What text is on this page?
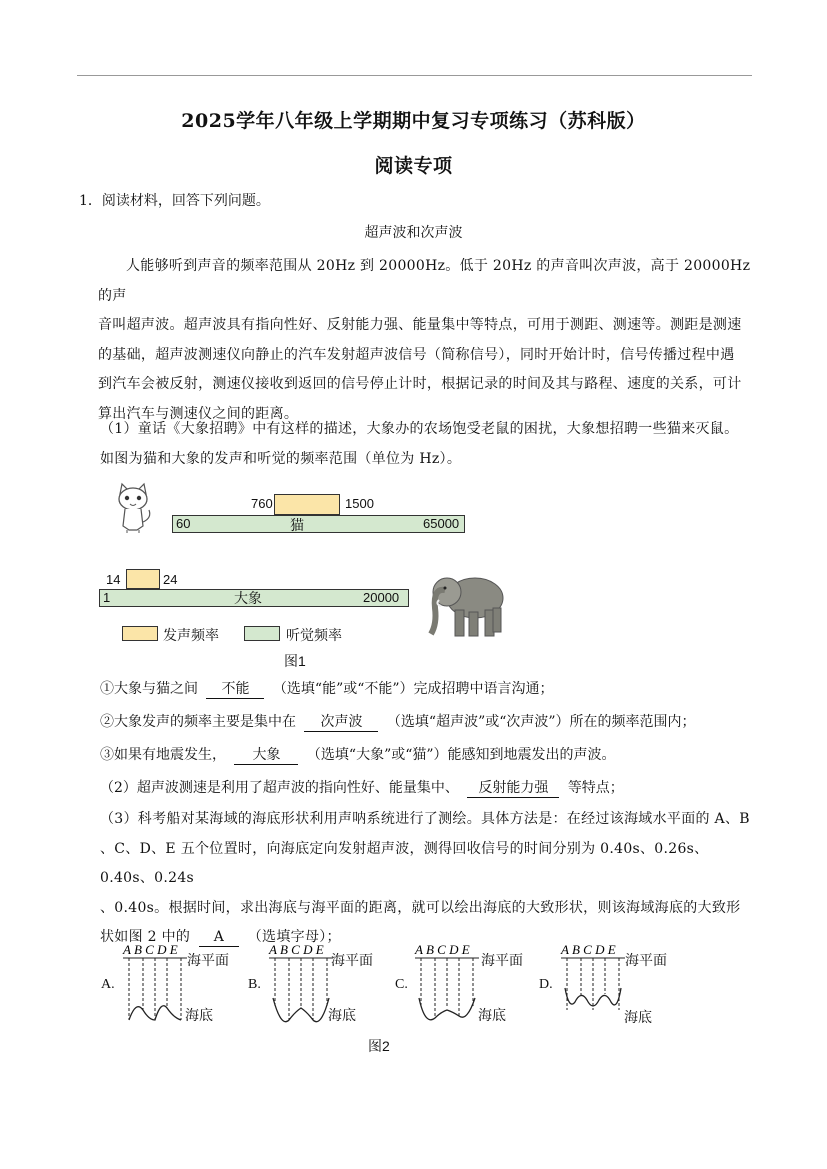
2025学年八年级上学期期中复习专项练习（苏科版）
阅读专项
1．阅读材料，回答下列问题。
超声波和次声波
人能够听到声音的频率范围从 20Hz 到 20000Hz。低于 20Hz 的声音叫次声波，高于 20000Hz 的声
音叫超声波。超声波具有指向性好、反射能力强、能量集中等特点，可用于测距、测速等。测距是测速
的基础，超声波测速仪向静止的汽车发射超声波信号（简称信号），同时开始计时，信号传播过程中遇
到汽车会被反射，测速仪接收到返回的信号停止计时，根据记录的时间及其与路程、速度的关系，可计
算出汽车与测速仪之间的距离。
（1）童话《大象招聘》中有这样的描述，大象办的农场饱受老鼠的困扰，大象想招聘一些猫来灭鼠。
如图为猫和大象的发声和听觉的频率范围（单位为 Hz）。
760	1500
60	猫	65000
14	24
1	大象	20000
发声频率	听觉频率
图1
①大象与猫之间 不能 （选填“能”或“不能”）完成招聘中语言沟通；
②大象发声的频率主要是集中在 次声波 （选填“超声波”或“次声波”）所在的频率范围内；
③如果有地震发生， 大象 （选填“大象”或“猫”）能感知到地震发出的声波。
（2）超声波测速是利用了超声波的指向性好、能量集中、 反射能力强 等特点；
（3）科考船对某海域的海底形状利用声呐系统进行了测绘。具体方法是：在经过该海域水平面的 A、B
、C、D、E 五个位置时，向海底定向发射超声波，测得回收信号的时间分别为 0.40s、0.26s、0.40s、0.24s
、0.40s。根据时间，求出海底与海平面的距离，就可以绘出海底的大致形状，则该海域海底的大致形
状如图 2 中的 A （选填字母）；
A B C D E	A B C D E	A B C D E	A B C D E
A.	B.	C.	D.
海平面	海平面	海平面	海平面
海底	海底	海底	海底
图2
